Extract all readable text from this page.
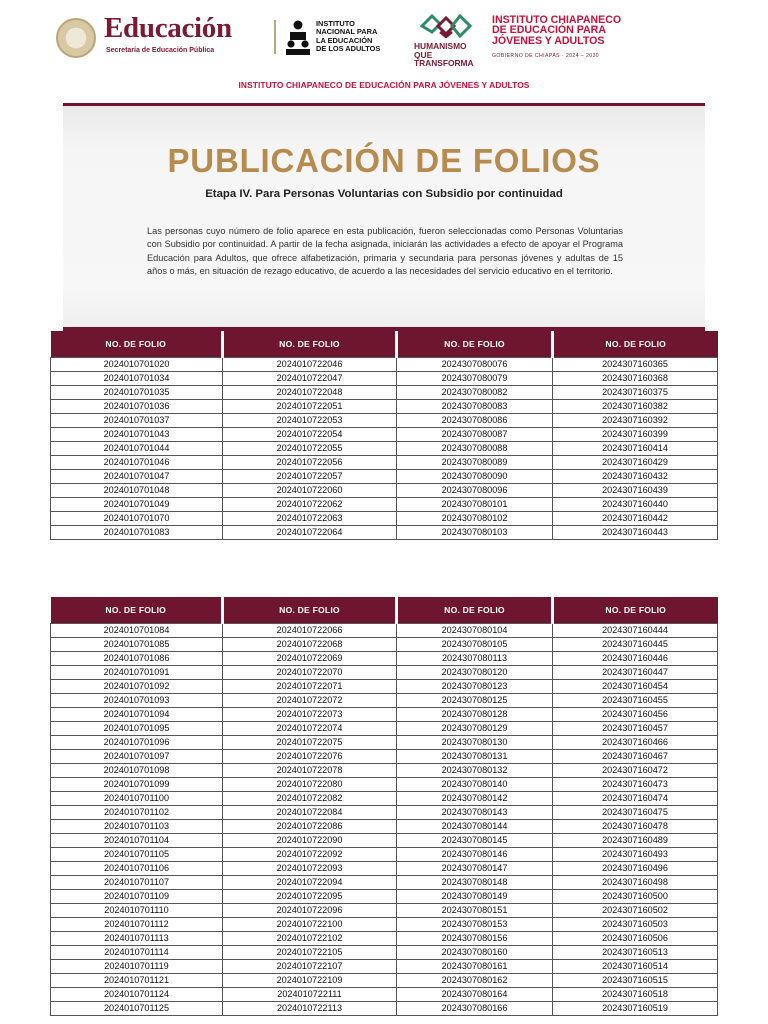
Educación
Secretaría de Educación Pública
INSTITUTO
NACIONAL PARA
LA EDUCACIÓN
DE LOS ADULTOS	HUMANISMO QUE
TRANSFORMA
INSTITUTO CHIAPANECO
DE EDUCACIÓN PARA
JÓVENES Y ADULTOS
GOBIERNO DE CHIAPAS · 2024 – 2030
INSTITUTO CHIAPANECO DE EDUCACIÓN PARA JÓVENES Y ADULTOS
PUBLICACIÓN DE FOLIOS
Etapa IV. Para Personas Voluntarias con Subsidio por continuidad
Las personas cuyo número de folio aparece en esta publicación, fueron seleccionadas como Personas Voluntarias con Subsidio por continuidad. A partir de la fecha asignada, iniciarán las actividades a efecto de apoyar el Programa Educación para Adultos, que ofrece alfabetización, primaria y secundaria para personas jóvenes y adultas de 15 años o más, en situación de rezago educativo, de acuerdo a las necesidades del servicio educativo en el territorio.
NO. DE FOLIO	NO. DE FOLIO	NO. DE FOLIO	NO. DE FOLIO
2024010701020	2024010722046	2024307080076	2024307160365
2024010701034	2024010722047	2024307080079	2024307160368
2024010701035	2024010722048	2024307080082	2024307160375
2024010701036	2024010722051	2024307080083	2024307160382
2024010701037	2024010722053	2024307080086	2024307160392
2024010701043	2024010722054	2024307080087	2024307160399
2024010701044	2024010722055	2024307080088	2024307160414
2024010701046	2024010722056	2024307080089	2024307160429
2024010701047	2024010722057	2024307080090	2024307160432
2024010701048	2024010722060	2024307080096	2024307160439
2024010701049	2024010722062	2024307080101	2024307160440
2024010701070	2024010722063	2024307080102	2024307160442
2024010701083	2024010722064	2024307080103	2024307160443
NO. DE FOLIO	NO. DE FOLIO	NO. DE FOLIO	NO. DE FOLIO
2024010701084	2024010722066	2024307080104	2024307160444
2024010701085	2024010722068	2024307080105	2024307160445
2024010701086	2024010722069	2024307080113	2024307160446
2024010701091	2024010722070	2024307080120	2024307160447
2024010701092	2024010722071	2024307080123	2024307160454
2024010701093	2024010722072	2024307080125	2024307160455
2024010701094	2024010722073	2024307080128	2024307160456
2024010701095	2024010722074	2024307080129	2024307160457
2024010701096	2024010722075	2024307080130	2024307160466
2024010701097	2024010722076	2024307080131	2024307160467
2024010701098	2024010722078	2024307080132	2024307160472
2024010701099	2024010722080	2024307080140	2024307160473
2024010701100	2024010722082	2024307080142	2024307160474
2024010701102	2024010722084	2024307080143	2024307160475
2024010701103	2024010722086	2024307080144	2024307160478
2024010701104	2024010722090	2024307080145	2024307160489
2024010701105	2024010722092	2024307080146	2024307160493
2024010701106	2024010722093	2024307080147	2024307160496
2024010701107	2024010722094	2024307080148	2024307160498
2024010701109	2024010722095	2024307080149	2024307160500
2024010701110	2024010722096	2024307080151	2024307160502
2024010701112	2024010722100	2024307080153	2024307160503
2024010701113	2024010722102	2024307080156	2024307160506
2024010701114	2024010722105	2024307080160	2024307160513
2024010701119	2024010722107	2024307080161	2024307160514
2024010701121	2024010722109	2024307080162	2024307160515
2024010701124	2024010722111	2024307080164	2024307160518
2024010701125	2024010722113	2024307080166	2024307160519
